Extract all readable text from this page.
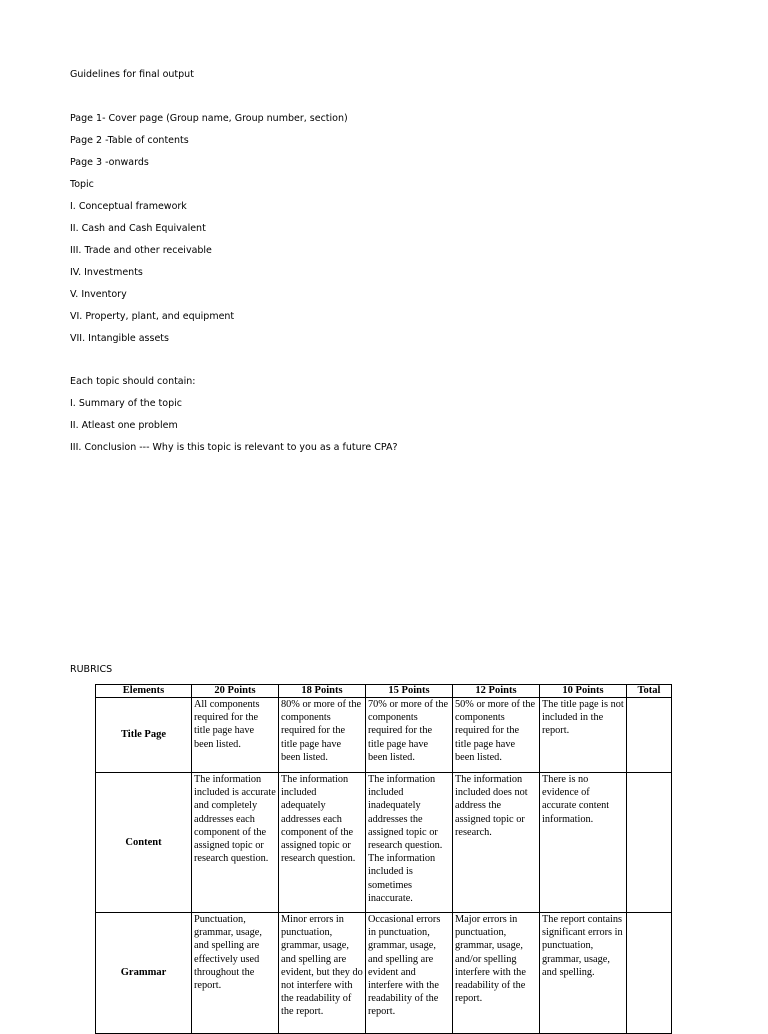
Guidelines for final output

Page 1- Cover page (Group name, Group number, section)

Page 2 -Table of contents

Page 3 -onwards

Topic

I. Conceptual framework

II. Cash and Cash Equivalent

III. Trade and other receivable

IV. Investments

V. Inventory

VI. Property, plant, and equipment

VII. Intangible assets

Each topic should contain:

I. Summary of the topic

II. Atleast one problem

III. Conclusion --- Why is this topic is relevant to you as a future CPA?

RUBRICS
Elements	20 Points	18 Points	15 Points	12 Points	10 Points	Total
Title Page	All components required for the title page have been listed.	80% or more of the components required for the title page have been listed.	70% or more of the components required for the title page have been listed.	50% or more of the components required for the title page have been listed.	The title page is not included in the report.	
Content	The information included is accurate and completely addresses each component of the assigned topic or research question.	The information included adequately addresses each component of the assigned topic or research question.	The information included inadequately addresses the assigned topic or research question. The information included is sometimes inaccurate.	The information included does not address the assigned topic or research.	There is no evidence of accurate content information.	
Grammar	Punctuation, grammar, usage, and spelling are effectively used throughout the report.	Minor errors in punctuation, grammar, usage, and spelling are evident, but they do not interfere with the readability of the report.	Occasional errors in punctuation, grammar, usage, and spelling are evident and interfere with the readability of the report.	Major errors in punctuation, grammar, usage, and/or spelling interfere with the readability of the report.	The report contains significant errors in punctuation, grammar, usage, and spelling.	
